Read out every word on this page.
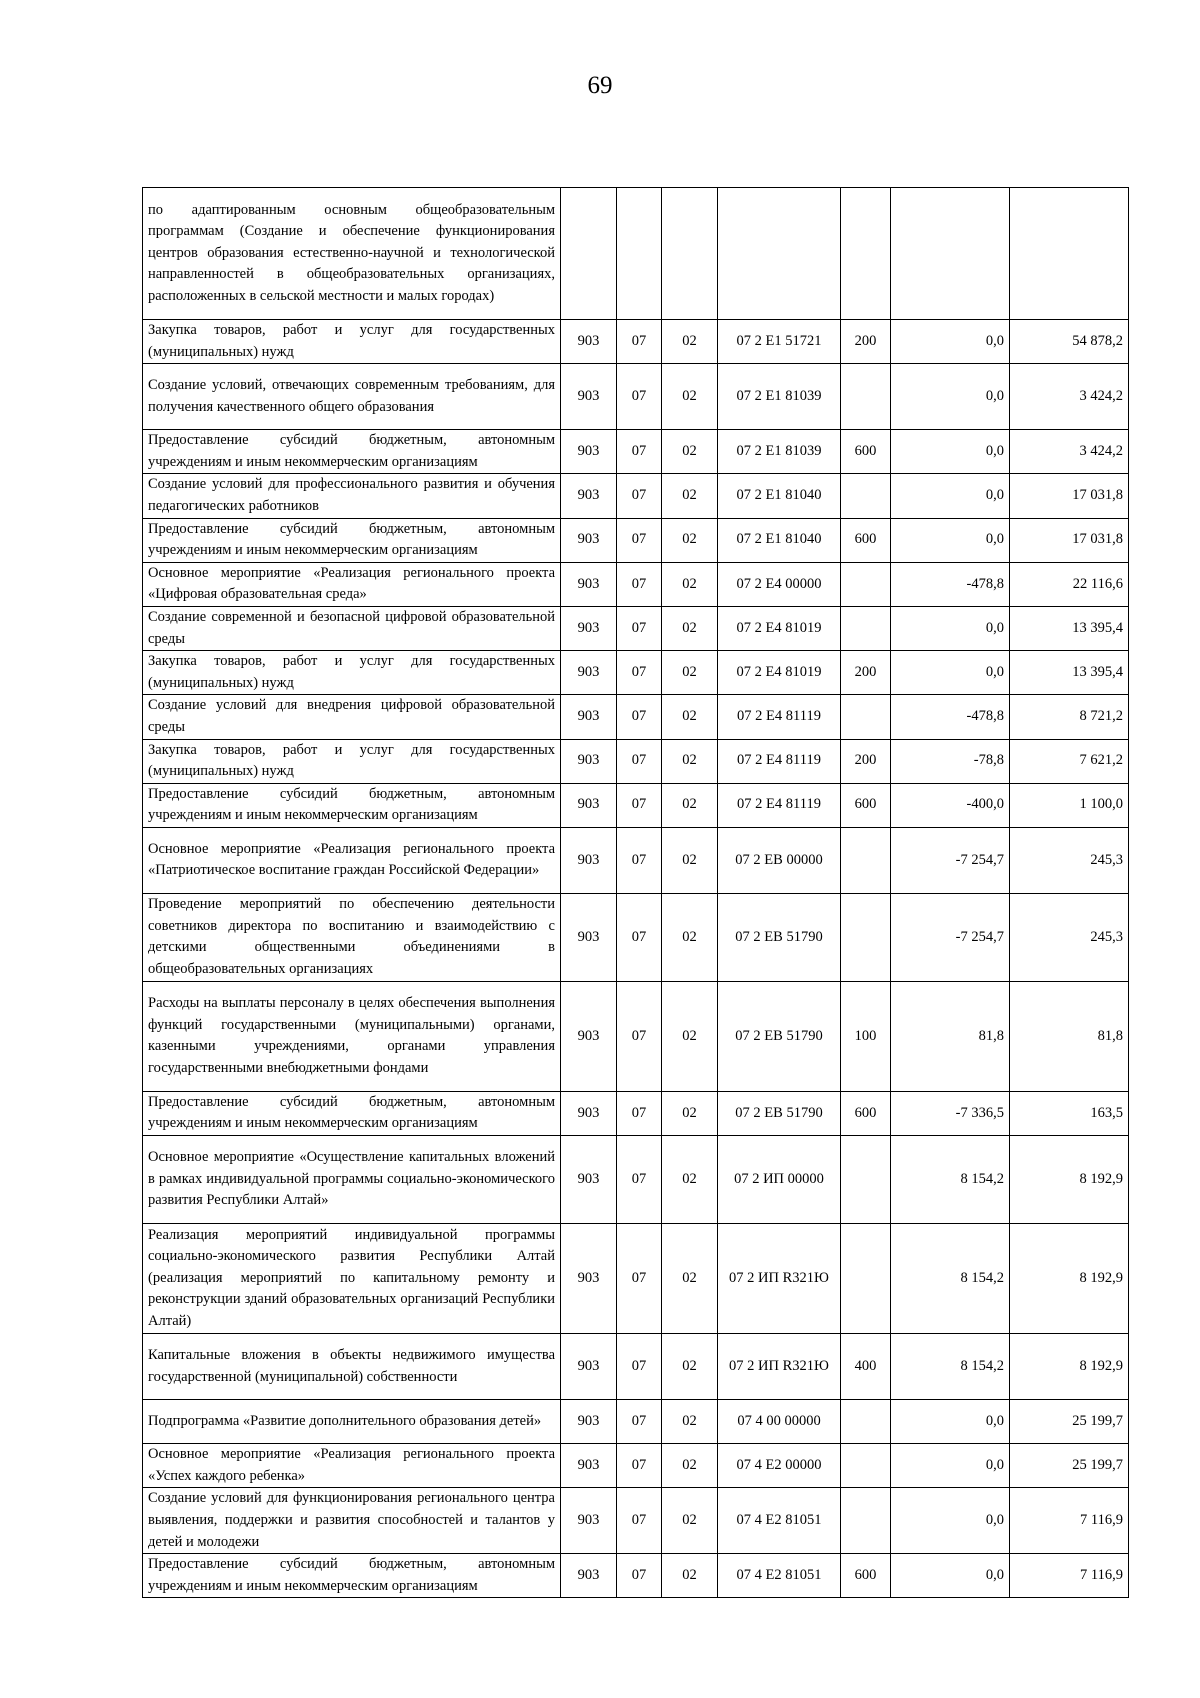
69
по адаптированным основным общеобразовательным программам (Создание и обеспечение функционирования центров образования естественно-научной и технологической направленностей в общеобразовательных организациях, расположенных в сельской местности и малых городах)							
Закупка товаров, работ и услуг для государственных (муниципальных) нужд	903	07	02	07 2 Е1 51721	200	0,0	54 878,2
Создание условий, отвечающих современным требованиям, для получения качественного общего образования	903	07	02	07 2 Е1 81039		0,0	3 424,2
Предоставление субсидий бюджетным, автономным учреждениям и иным некоммерческим организациям	903	07	02	07 2 Е1 81039	600	0,0	3 424,2
Создание условий для профессионального развития и обучения педагогических работников	903	07	02	07 2 Е1 81040		0,0	17 031,8
Предоставление субсидий бюджетным, автономным учреждениям и иным некоммерческим организациям	903	07	02	07 2 Е1 81040	600	0,0	17 031,8
Основное мероприятие «Реализация регионального проекта «Цифровая образовательная среда»	903	07	02	07 2 Е4 00000		-478,8	22 116,6
Создание современной и безопасной цифровой образовательной среды	903	07	02	07 2 Е4 81019		0,0	13 395,4
Закупка товаров, работ и услуг для государственных (муниципальных) нужд	903	07	02	07 2 Е4 81019	200	0,0	13 395,4
Создание условий для внедрения цифровой образовательной среды	903	07	02	07 2 Е4 81119		-478,8	8 721,2
Закупка товаров, работ и услуг для государственных (муниципальных) нужд	903	07	02	07 2 Е4 81119	200	-78,8	7 621,2
Предоставление субсидий бюджетным, автономным учреждениям и иным некоммерческим организациям	903	07	02	07 2 Е4 81119	600	-400,0	1 100,0
Основное мероприятие «Реализация регионального проекта «Патриотическое воспитание граждан Российской Федерации»	903	07	02	07 2 ЕВ 00000		-7 254,7	245,3
Проведение мероприятий по обеспечению деятельности советников директора по воспитанию и взаимодействию с детскими общественными объединениями в общеобразовательных организациях	903	07	02	07 2 ЕВ 51790		-7 254,7	245,3
Расходы на выплаты персоналу в целях обеспечения выполнения функций государственными (муниципальными) органами, казенными учреждениями, органами управления государственными внебюджетными фондами	903	07	02	07 2 ЕВ 51790	100	81,8	81,8
Предоставление субсидий бюджетным, автономным учреждениям и иным некоммерческим организациям	903	07	02	07 2 ЕВ 51790	600	-7 336,5	163,5
Основное мероприятие «Осуществление капитальных вложений в рамках индивидуальной программы социально-экономического развития Республики Алтай»	903	07	02	07 2 ИП 00000		8 154,2	8 192,9
Реализация мероприятий индивидуальной программы социально-экономического развития Республики Алтай (реализация мероприятий по капитальному ремонту и реконструкции зданий образовательных организаций Республики Алтай)	903	07	02	07 2 ИП R321Ю		8 154,2	8 192,9
Капитальные вложения в объекты недвижимого имущества государственной (муниципальной) собственности	903	07	02	07 2 ИП R321Ю	400	8 154,2	8 192,9
Подпрограмма «Развитие дополнительного образования детей»	903	07	02	07 4 00 00000		0,0	25 199,7
Основное мероприятие «Реализация регионального проекта «Успех каждого ребенка»	903	07	02	07 4 Е2 00000		0,0	25 199,7
Создание условий для функционирования регионального центра выявления, поддержки и развития способностей и талантов у детей и молодежи	903	07	02	07 4 Е2 81051		0,0	7 116,9
Предоставление субсидий бюджетным, автономным учреждениям и иным некоммерческим организациям	903	07	02	07 4 Е2 81051	600	0,0	7 116,9
